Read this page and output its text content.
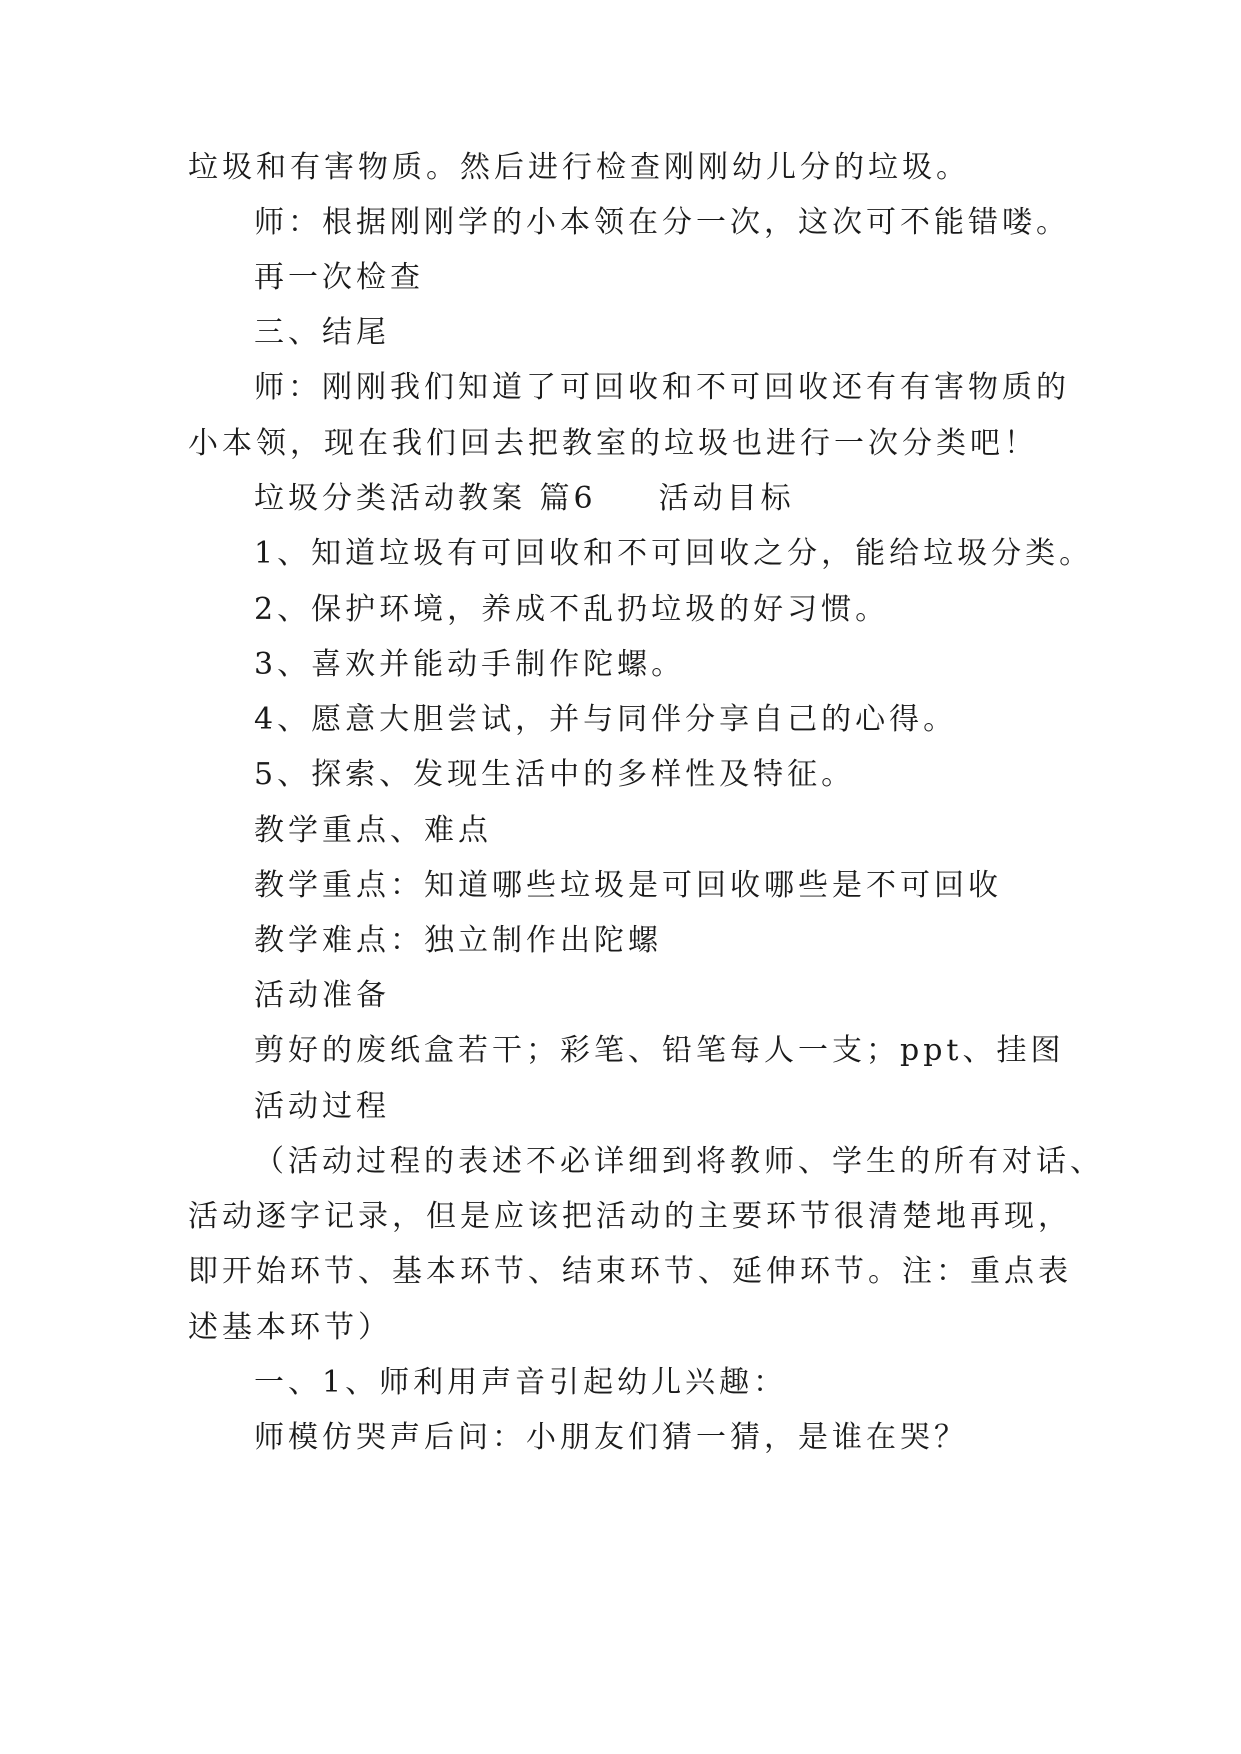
垃圾和有害物质。然后进行检查刚刚幼儿分的垃圾。
师：根据刚刚学的小本领在分一次，这次可不能错喽。
再一次检查
三、结尾
师：刚刚我们知道了可回收和不可回收还有有害物质的
小本领，现在我们回去把教室的垃圾也进行一次分类吧！
垃圾分类活动教案 篇6 活动目标
1、知道垃圾有可回收和不可回收之分，能给垃圾分类。
2、保护环境，养成不乱扔垃圾的好习惯。
3、喜欢并能动手制作陀螺。
4、愿意大胆尝试，并与同伴分享自己的心得。
5、探索、发现生活中的多样性及特征。
教学重点、难点
教学重点：知道哪些垃圾是可回收哪些是不可回收
教学难点：独立制作出陀螺
活动准备
剪好的废纸盒若干；彩笔、铅笔每人一支；ppt、挂图
活动过程
（活动过程的表述不必详细到将教师、学生的所有对话、
活动逐字记录，但是应该把活动的主要环节很清楚地再现，
即开始环节、基本环节、结束环节、延伸环节。注：重点表
述基本环节）
一、1、师利用声音引起幼儿兴趣：
师模仿哭声后问：小朋友们猜一猜，是谁在哭？
